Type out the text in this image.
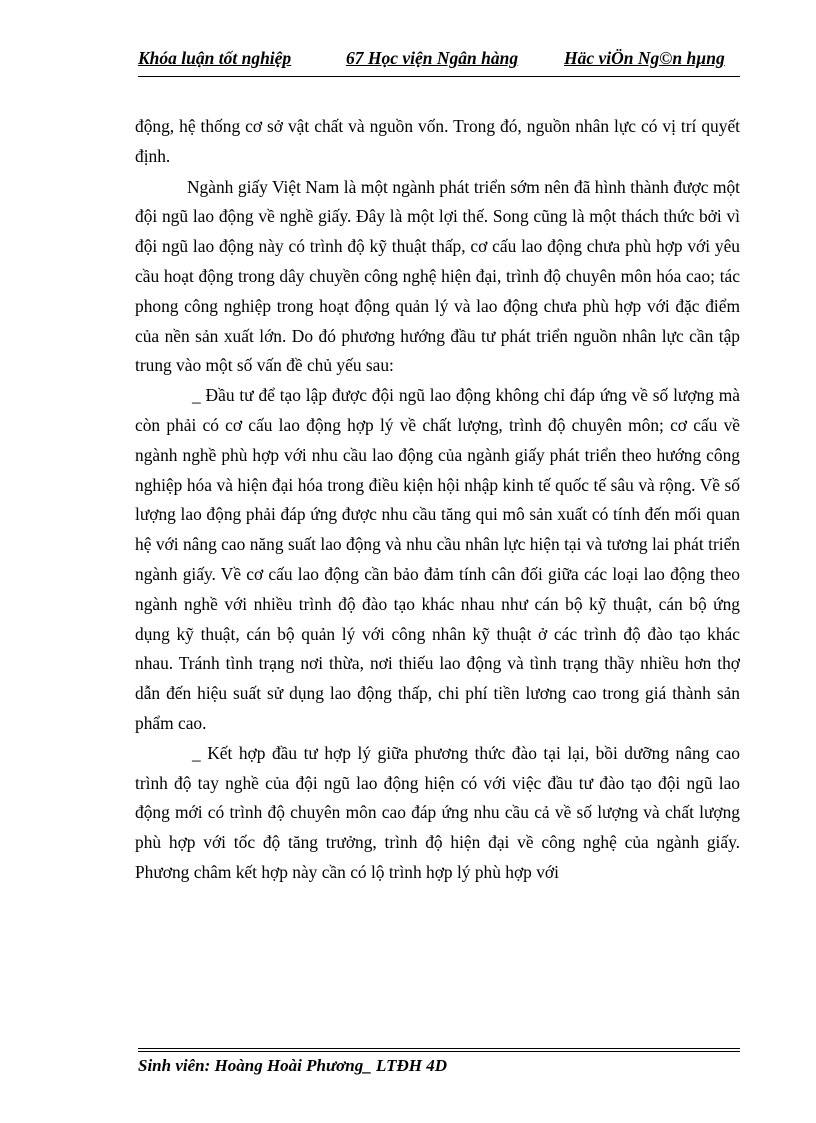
Khóa luận tốt nghiệp	67 Học viện Ngân hàng	Häc viÖn Ng©n hµng

động, hệ thống cơ sở vật chất và nguồn vốn. Trong đó, nguồn nhân lực có vị trí quyết định.

Ngành giấy Việt Nam là một ngành phát triển sớm nên đã hình thành được một đội ngũ lao động về nghề giấy. Đây là một lợi thế. Song cũng là một thách thức bởi vì đội ngũ lao động này có trình độ kỹ thuật thấp, cơ cấu lao động chưa phù hợp với yêu cầu hoạt động trong dây chuyền công nghệ hiện đại, trình độ chuyên môn hóa cao; tác phong công nghiệp trong hoạt động quản lý và lao động chưa phù hợp với đặc điểm của nền sản xuất lớn. Do đó phương hướng đầu tư phát triển nguồn nhân lực cần tập trung vào một số vấn đề chủ yếu sau:

_ Đầu tư để tạo lập được đội ngũ lao động không chỉ đáp ứng về số lượng mà còn phải có cơ cấu lao động hợp lý về chất lượng, trình độ chuyên môn; cơ cấu về ngành nghề phù hợp với nhu cầu lao động của ngành giấy phát triển theo hướng công nghiệp hóa và hiện đại hóa trong điều kiện hội nhập kinh tế quốc tế sâu và rộng. Về số lượng lao động phải đáp ứng được nhu cầu tăng qui mô sản xuất có tính đến mối quan hệ với nâng cao năng suất lao động và nhu cầu nhân lực hiện tại và tương lai phát triển ngành giấy. Về cơ cấu lao động cần bảo đảm tính cân đối giữa các loại lao động theo ngành nghề với nhiều trình độ đào tạo khác nhau như cán bộ kỹ thuật, cán bộ ứng dụng kỹ thuật, cán bộ quản lý với công nhân kỹ thuật ở các trình độ đào tạo khác nhau. Tránh tình trạng nơi thừa, nơi thiếu lao động và tình trạng thầy nhiều hơn thợ dẫn đến hiệu suất sử dụng lao động thấp, chi phí tiền lương cao trong giá thành sản phẩm cao.

_ Kết hợp đầu tư hợp lý giữa phương thức đào tại lại, bồi dưỡng nâng cao trình độ tay nghề của đội ngũ lao động hiện có với việc đầu tư đào tạo đội ngũ lao động mới có trình độ chuyên môn cao đáp ứng nhu cầu cả về số lượng và chất lượng phù hợp với tốc độ tăng trưởng, trình độ hiện đại về công nghệ của ngành giấy. Phương châm kết hợp này cần có lộ trình hợp lý phù hợp với

Sinh viên: Hoàng Hoài Phương_ LTĐH 4D
